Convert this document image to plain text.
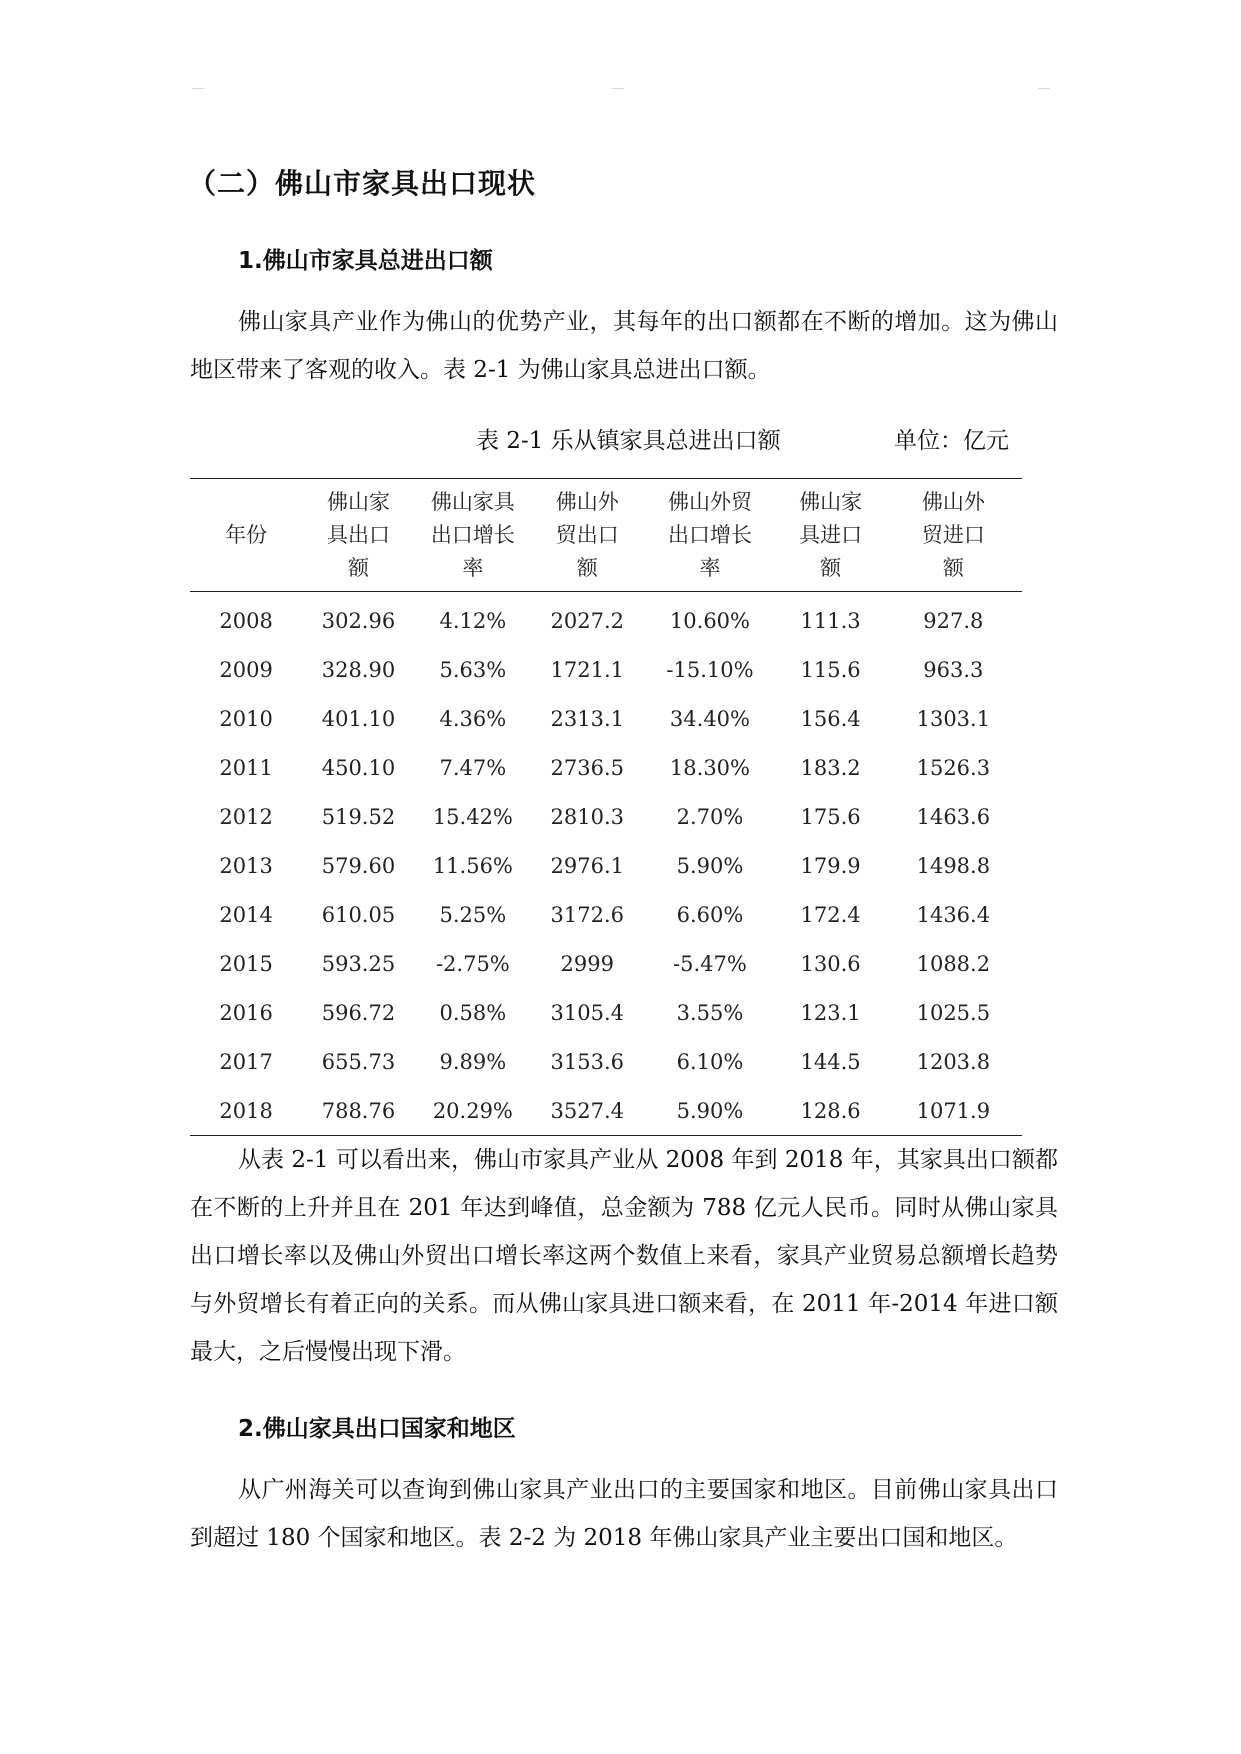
（二）佛山市家具出口现状
1.佛山市家具总进出口额

佛山家具产业作为佛山的优势产业，其每年的出口额都在不断的增加。这为佛山地区带来了客观的收入。表 2-1 为佛山家具总进出口额。

表 2-1 乐从镇家具总进出口额	单位：亿元
年份	佛山家具出口额	佛山家具出口增长率	佛山外贸出口额	佛山外贸出口增长率	佛山家具进口额	佛山外贸进口额
2008	302.96	4.12%	2027.2	10.60%	111.3	927.8
2009	328.90	5.63%	1721.1	-15.10%	115.6	963.3
2010	401.10	4.36%	2313.1	34.40%	156.4	1303.1
2011	450.10	7.47%	2736.5	18.30%	183.2	1526.3
2012	519.52	15.42%	2810.3	2.70%	175.6	1463.6
2013	579.60	11.56%	2976.1	5.90%	179.9	1498.8
2014	610.05	5.25%	3172.6	6.60%	172.4	1436.4
2015	593.25	-2.75%	2999	-5.47%	130.6	1088.2
2016	596.72	0.58%	3105.4	3.55%	123.1	1025.5
2017	655.73	9.89%	3153.6	6.10%	144.5	1203.8
2018	788.76	20.29%	3527.4	5.90%	128.6	1071.9

从表 2-1 可以看出来，佛山市家具产业从 2008 年到 2018 年，其家具出口额都在不断的上升并且在 201 年达到峰值，总金额为 788 亿元人民币。同时从佛山家具出口增长率以及佛山外贸出口增长率这两个数值上来看，家具产业贸易总额增长趋势与外贸增长有着正向的关系。而从佛山家具进口额来看，在 2011 年-2014 年进口额最大，之后慢慢出现下滑。

2.佛山家具出口国家和地区

从广州海关可以查询到佛山家具产业出口的主要国家和地区。目前佛山家具出口到超过 180 个国家和地区。表 2-2 为 2018 年佛山家具产业主要出口国和地区。
